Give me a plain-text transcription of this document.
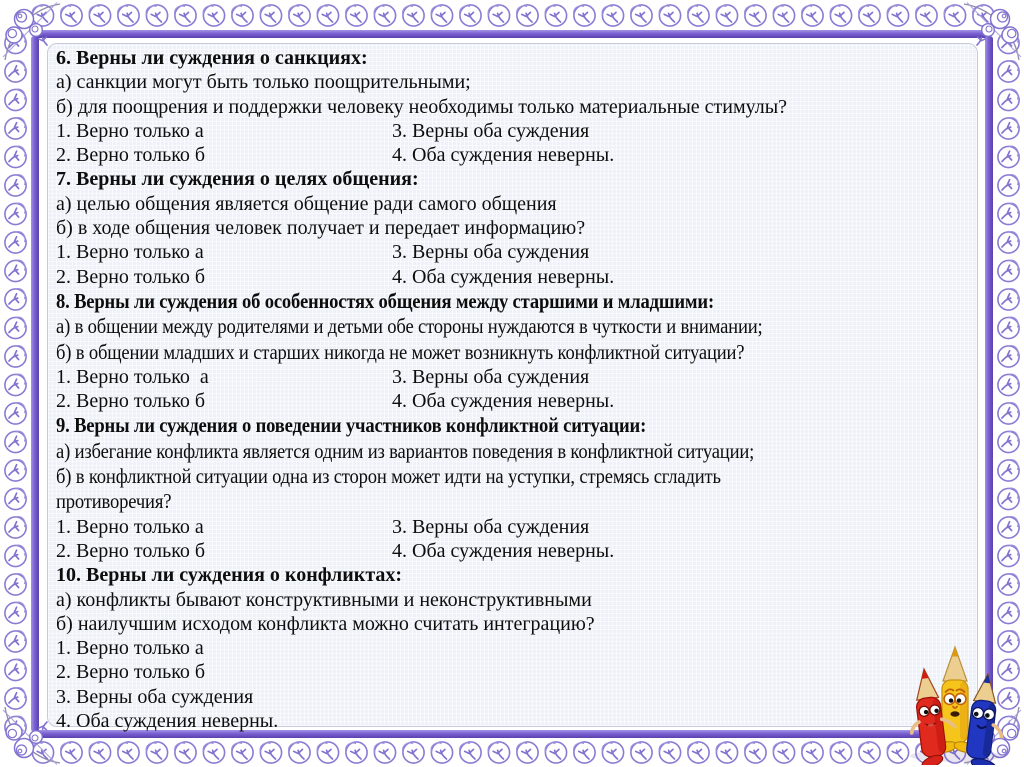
6. Верны ли суждения о санкциях:
а) санкции могут быть только поощрительными;
б) для поощрения и поддержки человеку необходимы только материальные стимулы?
1. Верно только а	3. Верны оба суждения
2. Верно только б	4. Оба суждения неверны.
7. Верны ли суждения о целях общения:
а) целью общения является общение ради самого общения
б) в ходе общения человек получает и передает информацию?
1. Верно только а	3. Верны оба суждения
2. Верно только б	4. Оба суждения неверны.
8. Верны ли суждения об особенностях общения между старшими и младшими:
а) в общении между родителями и детьми обе стороны нуждаются в чуткости и внимании;
б) в общении младших и старших никогда не может возникнуть конфликтной ситуации?
1. Верно только  а	3. Верны оба суждения
2. Верно только б	4. Оба суждения неверны.
9. Верны ли суждения о поведении участников конфликтной ситуации:
а) избегание конфликта является одним из вариантов поведения в конфликтной ситуации;
б) в конфликтной ситуации одна из сторон может идти на уступки, стремясь сгладить
противоречия?
1. Верно только а	3. Верны оба суждения
2. Верно только б	4. Оба суждения неверны.
10. Верны ли суждения о конфликтах:
а) конфликты бывают конструктивными и неконструктивными
б) наилучшим исходом конфликта можно считать интеграцию?
1. Верно только а
2. Верно только б
3. Верны оба суждения
4. Оба суждения неверны.
